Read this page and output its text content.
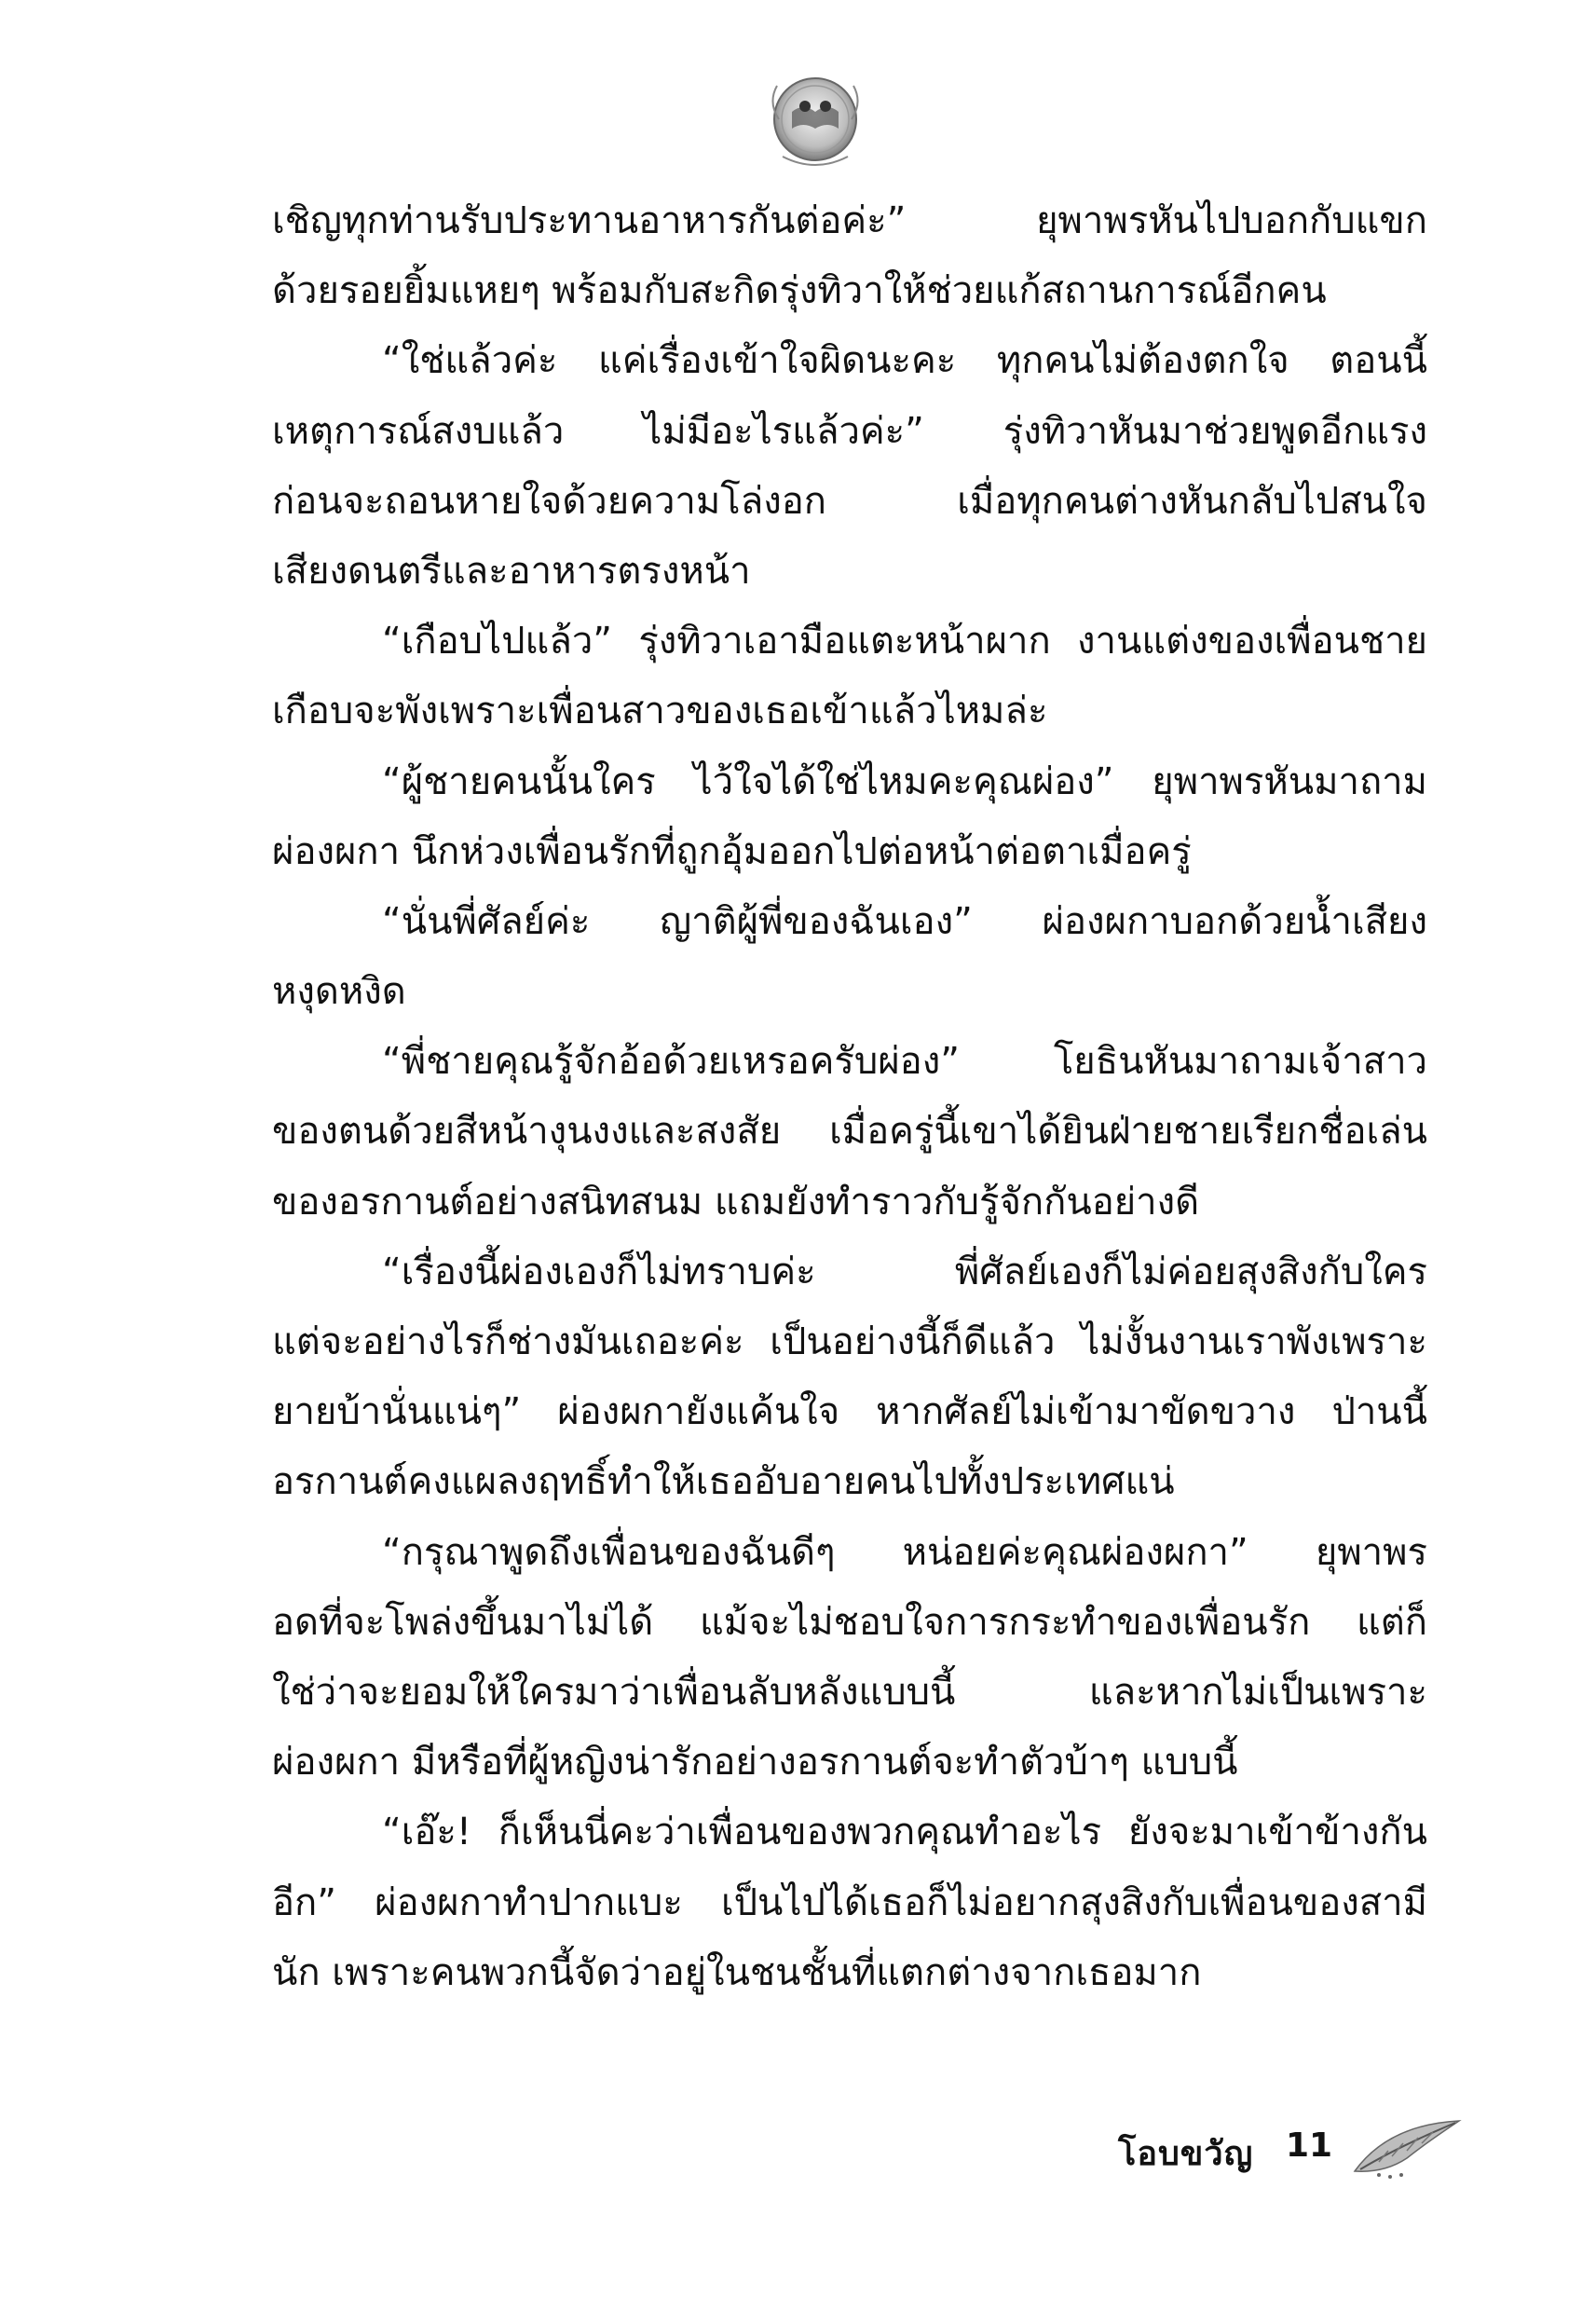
เชิญทุกท่านรับประทานอาหารกันต่อค่ะ” ยุพาพรหันไปบอกกับแขก
ด้วยรอยยิ้มแหยๆ พร้อมกับสะกิดรุ่งทิวาให้ช่วยแก้สถานการณ์อีกคน
“ใช่แล้วค่ะ แค่เรื่องเข้าใจผิดนะคะ ทุกคนไม่ต้องตกใจ ตอนนี้
เหตุการณ์สงบแล้ว ไม่มีอะไรแล้วค่ะ” รุ่งทิวาหันมาช่วยพูดอีกแรง
ก่อนจะถอนหายใจด้วยความโล่งอก เมื่อทุกคนต่างหันกลับไปสนใจ
เสียงดนตรีและอาหารตรงหน้า
“เกือบไปแล้ว” รุ่งทิวาเอามือแตะหน้าผาก งานแต่งของเพื่อนชาย
เกือบจะพังเพราะเพื่อนสาวของเธอเข้าแล้วไหมล่ะ
“ผู้ชายคนนั้นใคร ไว้ใจได้ใช่ไหมคะคุณผ่อง” ยุพาพรหันมาถาม
ผ่องผกา นึกห่วงเพื่อนรักที่ถูกอุ้มออกไปต่อหน้าต่อตาเมื่อครู่
“นั่นพี่ศัลย์ค่ะ ญาติผู้พี่ของฉันเอง” ผ่องผกาบอกด้วยน้ำเสียง
หงุดหงิด
“พี่ชายคุณรู้จักอ้อด้วยเหรอครับผ่อง” โยธินหันมาถามเจ้าสาว
ของตนด้วยสีหน้างุนงงและสงสัย เมื่อครู่นี้เขาได้ยินฝ่ายชายเรียกชื่อเล่น
ของอรกานต์อย่างสนิทสนม แถมยังทำราวกับรู้จักกันอย่างดี
“เรื่องนี้ผ่องเองก็ไม่ทราบค่ะ พี่ศัลย์เองก็ไม่ค่อยสุงสิงกับใคร
แต่จะอย่างไรก็ช่างมันเถอะค่ะ เป็นอย่างนี้ก็ดีแล้ว ไม่งั้นงานเราพังเพราะ
ยายบ้านั่นแน่ๆ” ผ่องผกายังแค้นใจ หากศัลย์ไม่เข้ามาขัดขวาง ป่านนี้
อรกานต์คงแผลงฤทธิ์ทำให้เธออับอายคนไปทั้งประเทศแน่
“กรุณาพูดถึงเพื่อนของฉันดีๆ หน่อยค่ะคุณผ่องผกา” ยุพาพร
อดที่จะโพล่งขึ้นมาไม่ได้ แม้จะไม่ชอบใจการกระทำของเพื่อนรัก แต่ก็
ใช่ว่าจะยอมให้ใครมาว่าเพื่อนลับหลังแบบนี้ และหากไม่เป็นเพราะ
ผ่องผกา มีหรือที่ผู้หญิงน่ารักอย่างอรกานต์จะทำตัวบ้าๆ แบบนี้
“เอ๊ะ! ก็เห็นนี่คะว่าเพื่อนของพวกคุณทำอะไร ยังจะมาเข้าข้างกัน
อีก” ผ่องผกาทำปากแบะ เป็นไปได้เธอก็ไม่อยากสุงสิงกับเพื่อนของสามี
นัก เพราะคนพวกนี้จัดว่าอยู่ในชนชั้นที่แตกต่างจากเธอมาก
โอบขวัญ 11
